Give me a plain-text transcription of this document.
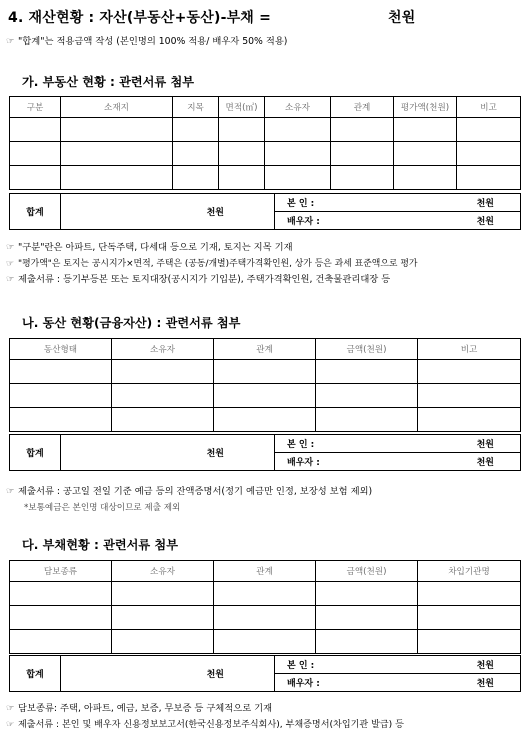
4. 재산현황 : 자산(부동산+동산)-부채 =	천원
☞ "합계"는 적용금액 작성 (본인명의 100% 적용/ 배우자 50% 적용)
가. 부동산 현황 : 관련서류 첨부
구분	소재지	지목	면적(㎡)	소유자	관계	평가액(천원)	비고

합계	천원	
본 인 :	천원

배우자 :	천원
☞ "구분"란은 아파트, 단독주택, 다세대 등으로 기재, 토지는 지목 기재
☞ "평가액"은 토지는 공시지가×면적, 주택은 (공동/개별)주택가격확인원, 상가 등은 과세 표준액으로 평가
☞ 제출서류 : 등기부등본 또는 토지대장(공시지가 기입분), 주택가격확인원, 건축물관리대장 등
나. 동산 현황(금융자산) : 관련서류 첨부
동산형태	소유자	관계	금액(천원)	비고

합계	천원	
본 인 :	천원

배우자 :	천원
☞ 제출서류 : 공고일 전일 기준 예금 등의 잔액증명서(정기 예금만 인정, 보장성 보험 제외)
*보통예금은 본인명 대상이므로 제출 제외
다. 부채현황 : 관련서류 첨부
담보종류	소유자	관계	금액(천원)	차입기관명

합계	천원	
본 인 :	천원

배우자 :	천원
☞ 담보종류: 주택, 아파트, 예금, 보증, 무보증 등 구체적으로 기재
☞ 제출서류 : 본인 및 배우자 신용정보보고서(한국신용정보주식회사), 부채증명서(차입기관 발급) 등
